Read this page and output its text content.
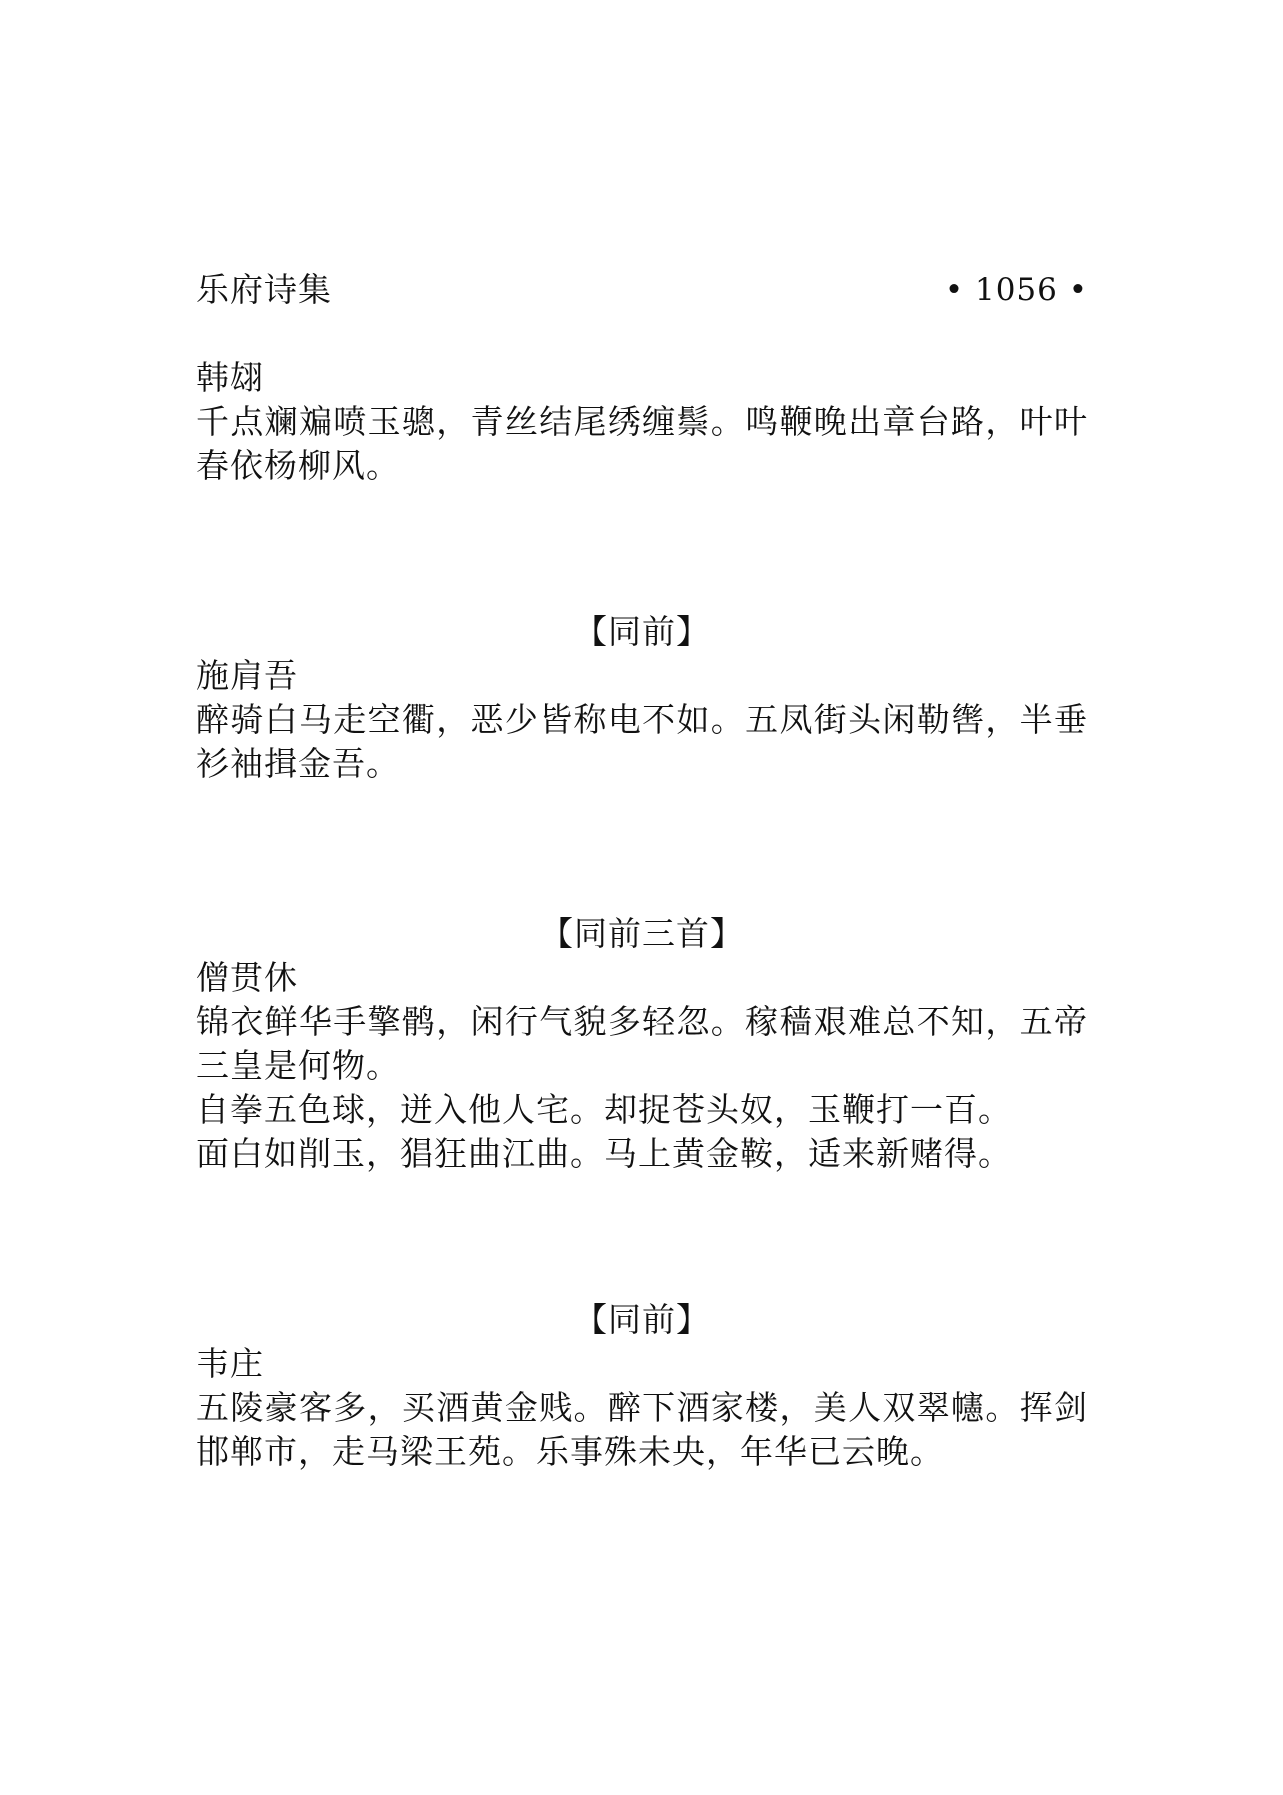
乐府诗集	• 1056 •
韩翃
千点斓斒喷玉骢，青丝结尾绣缠鬃。鸣鞭晚出章台路，叶叶春依杨柳风。
【同前】
施肩吾
醉骑白马走空衢，恶少皆称电不如。五凤街头闲勒辔，半垂衫袖揖金吾。
【同前三首】
僧贯休
锦衣鲜华手擎鹘，闲行气貌多轻忽。稼穑艰难总不知，五帝三皇是何物。
自拳五色球，迸入他人宅。却捉苍头奴，玉鞭打一百。
面白如削玉，猖狂曲江曲。马上黄金鞍，适来新赌得。
【同前】
韦庄
五陵豪客多，买酒黄金贱。醉下酒家楼，美人双翠幰。挥剑邯郸市，走马梁王苑。乐事殊未央，年华已云晚。
